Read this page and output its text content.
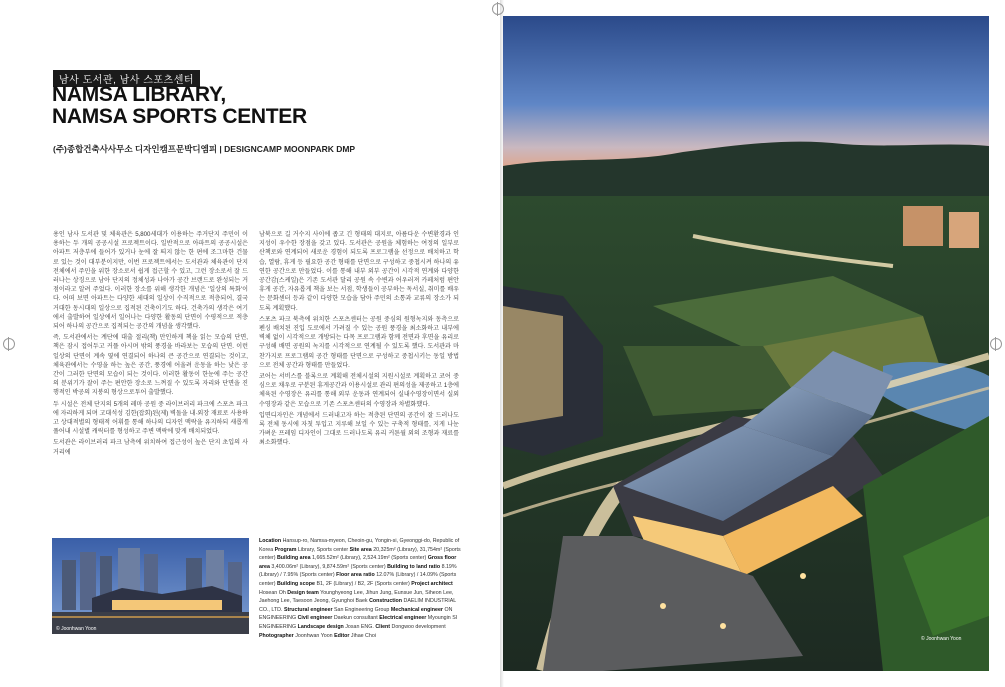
남사 도서관, 남사 스포츠센터
NAMSA LIBRARY,
NAMSA SPORTS CENTER
(주)종합건축사사무소 디자인캠프문박디엠피 | DESIGNCAMP MOONPARK DMP

용인 남사 도서관 및 체육관은 5,800세대가 이용하는 주거단지 주민이 이용하는 두 개의 공공시설 프로젝트이다. 일반적으로 아파트의 공공시설은 아파트 저층부에 들어가 있거나 눈에 잘 띄지 않는 한 편에 조그마한 건물로 있는 것이 대부분이지만, 이번 프로젝트에서는 도서관과 체육관이 단지 전체에서 주민을 위한 장소로서 쉽게 접근할 수 있고, 그런 장소로서 잘 드러나는 상징으로 남아 단지의 정체성과 나아가 공간 브랜드로 완성되는 거점이라고 알려 주었다. 이러한 장소를 위해 생각한 개념은 '일상의 특화'이다. 어떠 보면 아파트는 다양한 세대의 일상이 수직적으로 적층되어, 결국 거대한 동시대의 일상으로 집적된 건축이기도 하다. 건축가의 생각은 여기에서 출발하여 일상에서 일어나는 다양한 활동의 단면이 수평적으로 적층되어 하나의 공간으로 집적되는 공간의 개념을 생각했다.

즉, 도서관에서는 계단에 대출 절리(책) 만인하게 책을 읽는 모습의 단면, 책은 잠시 접어두고 커플 아시며 밖의 풍경을 바라보는 모습의 단면. 이런 일상의 단면이 계속 옆에 연결되어 하나의 큰 공간으로 연결되는 것이고, 체육관에서는 수영을 하는 높은 공간, 풍경에 어울려 운동을 하는 낮은 공간이 그러한 단면의 모습이 되는 것이다. 이러한 활동이 한눈에 주는 공간의 분위기가 잘이 주는 편안한 장소로 느껴질 수 있도록 자리와 단면을 진행적인 박공의 지붕의 형상으로투어 출발했다.

두 시설은 전체 단지의 5개의 레마 공원 중 라이브러리 파크에 스포츠 파크에 자리하게 되며 고대석성 김한(잡회)된(제) 벽돌을 내·외장 재료로 사용하고 상대적별의 형태적 어휘를 통해 하나의 디자인 맥락을 유지하되 새롭게 풀어내 시설별 캐릭터를 형성하고 주변 맥락에 맞게 배치되었다.

도서관은 라이브러리 파크 남측에 위치하여 접근성이 높은 단지 초입의 사거리에

남북으로 길 거수지 사이에 좁고 긴 형태의 대지로, 아름다운 수변환경과 인지성이 우수한 장점을 갖고 있다. 도서관은 공원을 체험하는 여정의 일부로 산책로와 연계되어 새로운 경험이 되도록 프로그램을 선정으로 배치하고 학습, 열람, 휴게 등 필요한 공간 형태를 단면으로 구성하고 중첩시켜 하나의 유연한 공간으로 만들었다. 이를 통해 내부 외부 공간이 시각적 연계와 다양한 공간감(스케일)은 기존 도서관 달리 공원 속 수변과 어우러져 카페처럼 편안 휴게 공간, 자유롭게 책을 보는 서점, 학생들이 공부하는 독서실, 취미를 배우는 문화센터 등과 같이 다양한 모습을 담아 주민의 소통과 교류의 장소가 되도록 계획했다.

스포츠 파크 북측에 위치한 스포츠센터는 공원 중심의 원형녹지와 동측으로 펜싱 배치된 진입 도로에서 가려질 수 있는 공원 풍경을 최소화하고 내부에 벽체 없이 시각적으로 개방되는 다목 프로그램과 함께 전면과 후면을 유리로 구성해 배면 공원의 녹지를 시각적으로 연계될 수 있도록 했다. 도서관과 마찬가지로 프로그램의 공간 형태를 단면으로 구성하고 중첩시키는 동일 방법으로 전체 공간과 형태를 만들었다.

코어는 서비스를 블록으로 계획해 전체시설의 지원시설로 계획하고 코어 중심으로 채우로 구분된 휴게공간과 이용시설로 관리 편의성을 제공하고 1층에 체육된 수영장은 유리를 통해 외부 운동과 연계되어 실내수영장이면서 실외수영장과 같은 모습으로 기존 스포츠센터의 수영장과 차별화했다.

입면디자인은 개념에서 드러내고자 하는 적층된 단면의 공간이 잘 드러나도록 전체 동시에 자칫 투입고 지루해 보일 수 있는 구축적 형태를, 지게 나눈 가벼운 프레임 디자인이 그대로 드러나도록 유리 커튼월 외의 조형과 재료를 최소화했다.

Location Hansup-ro, Namsa-myeon, Cheoin-gu, Yongin-si, Gyeonggi-do, Republic of Korea Program Library, Sports center Site area 20,325m² (Library), 31,754m² (Sports center) Building area 1,665.52m² (Library), 2,524.19m² (Sports center) Gross floor area 3,400.06m² (Library), 9,874.59m² (Sports center) Building to land ratio 8.19% (Library) / 7.95% (Sports center) Floor area ratio 12.07% (Library) / 14.09% (Sports center) Building scope B1, 2F (Library) / B2, 2F (Sports center) Project architect Hosean Oh Design team Younghyeong Lee, Jihun Jung, Eunsue Jun, Siheon Lee, Jaehong Lee, Taesoon Jeong, Gyunghoi Baek Construction DAELIM INDUSTRIAL CO., LTD. Structural engineer San Engineering Group Mechanical engineer ON ENGINEERING Civil engineer Daekun consultant Electrical engineer Myoungin SI ENGINEERING Landscape design Josan ENG. Client Dongwoo development Photographer Joonhwan Yoon Editor Jihae Choi
© Joonhwan Yoon
© Joonhwan Yoon
